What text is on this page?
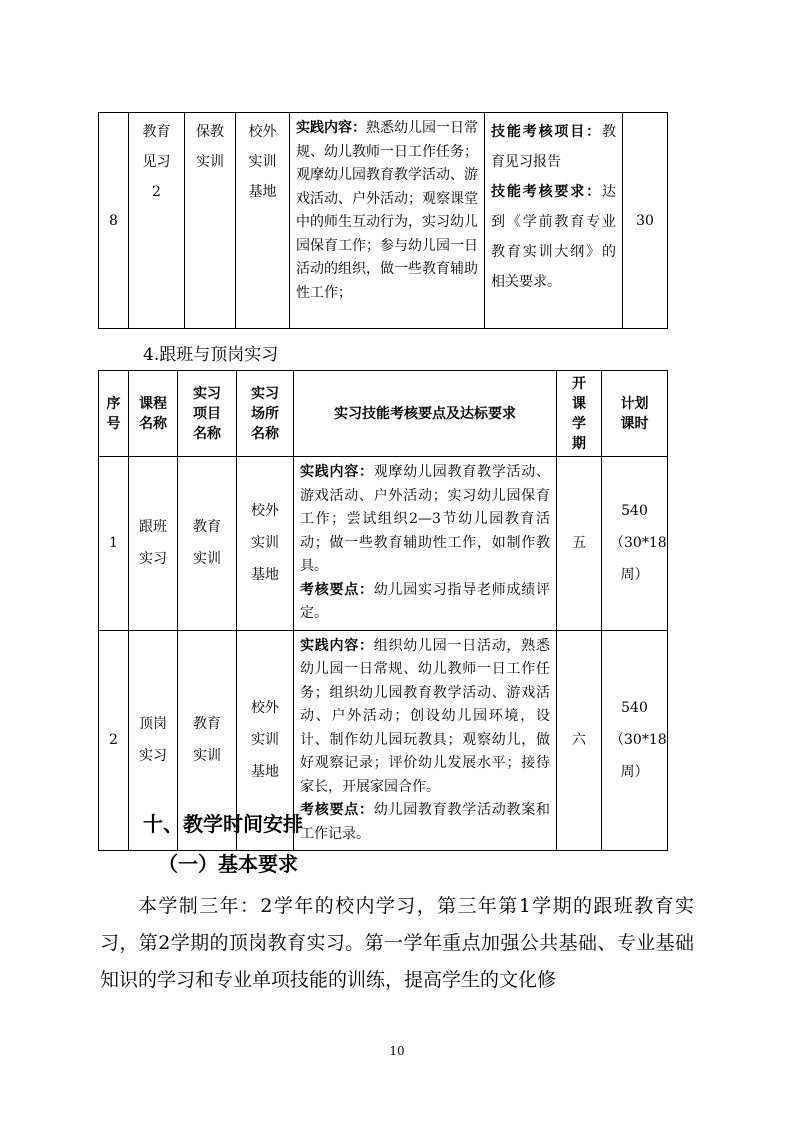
8	教育见习2	保教实训	校外实训基地	实践内容：熟悉幼儿园一日常规、幼儿教师一日工作任务；观摩幼儿园教育教学活动、游戏活动、户外活动；观察课堂中的师生互动行为，实习幼儿园保育工作；参与幼儿园一日活动的组织，做一些教育辅助性工作；	技能考核项目：教育见习报告
技能考核要求：达到《学前教育专业教育实训大纲》的相关要求。	30
4.跟班与顶岗实习
序号	课程名称	实习项目名称	实习场所名称	实习技能考核要点及达标要求	开课学期	计划课时
1	跟班实习	教育实训	校外实训基地	实践内容：观摩幼儿园教育教学活动、游戏活动、户外活动；实习幼儿园保育工作；尝试组织2—3节幼儿园教育活动；做一些教育辅助性工作，如制作教具。
考核要点：幼儿园实习指导老师成绩评定。	五	540（30*18周）
2	顶岗实习	教育实训	校外实训基地	实践内容：组织幼儿园一日活动，熟悉幼儿园一日常规、幼儿教师一日工作任务；组织幼儿园教育教学活动、游戏活动、户外活动；创设幼儿园环境，设计、制作幼儿园玩教具；观察幼儿，做好观察记录；评价幼儿发展水平；接待家长，开展家园合作。
考核要点：幼儿园教育教学活动教案和工作记录。	六	540（30*18周）
十、教学时间安排
（一）基本要求
本学制三年：2学年的校内学习，第三年第1学期的跟班教育实习，第2学期的顶岗教育实习。第一学年重点加强公共基础、专业基础知识的学习和专业单项技能的训练，提高学生的文化修
10
